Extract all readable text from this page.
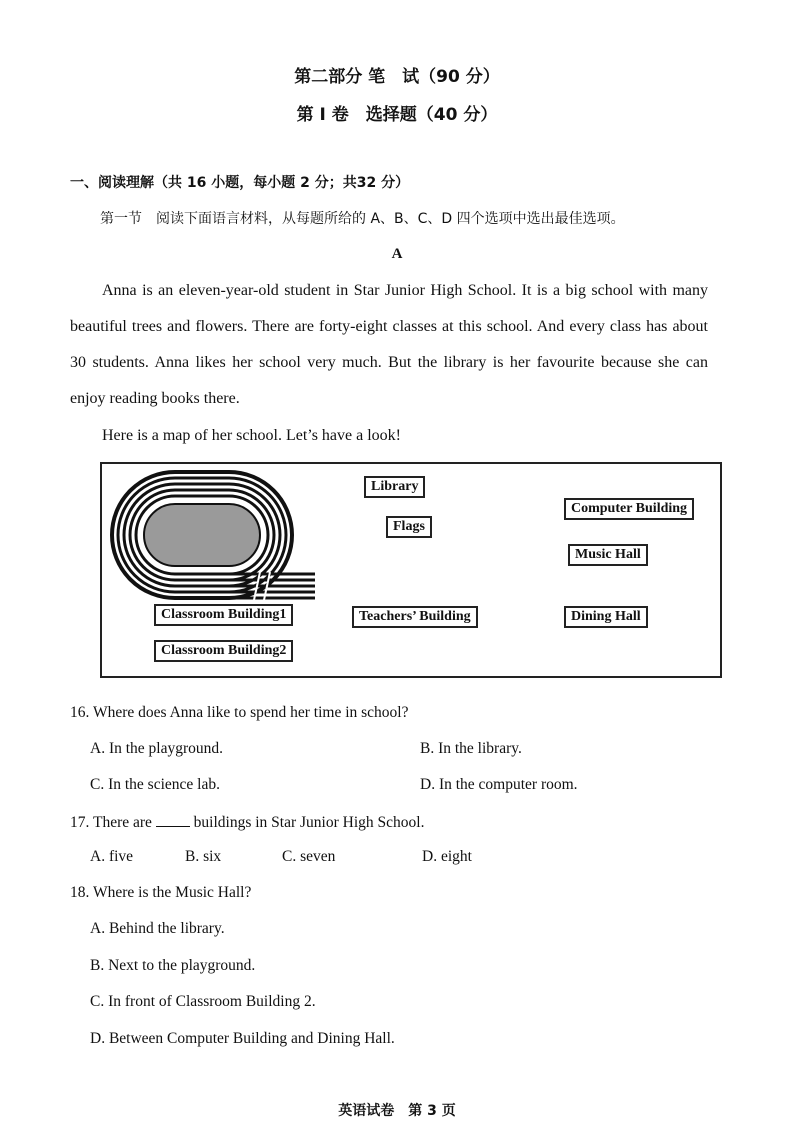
第二部分 笔　试（90 分）
第 I 卷　选择题（40 分）
一、阅读理解（共 16 小题，每小题 2 分；共32 分）
第一节　阅读下面语言材料，从每题所给的 A、B、C、D 四个选项中选出最佳选项。
A
Anna is an eleven-year-old student in Star Junior High School. It is a big school with many beautiful trees and flowers. There are forty-eight classes at this school. And every class has about 30 students. Anna likes her school very much. But the library is her favourite because she can enjoy reading books there.
Here is a map of her school. Let’s have a look!
Library
Flags
Computer Building
Music Hall
Classroom Building1
Classroom Building2
Teachers’ Building	Dining Hall
16. Where does Anna like to spend her time in school?
A. In the playground.	B. In the library.
C. In the science lab.	D. In the computer room.
17. There are	buildings in Star Junior High School.
A. five	B. six	C. seven	D. eight
18. Where is the Music Hall?
A. Behind the library.
B. Next to the playground.
C. In front of Classroom Building 2.
D. Between Computer Building and Dining Hall.
英语试卷　第 3 页
